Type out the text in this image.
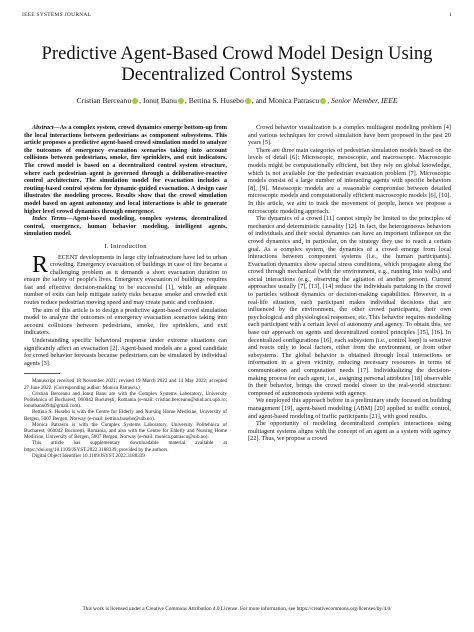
IEEE SYSTEMS JOURNAL	1
Predictive Agent-Based Crowd Model Design Using Decentralized Control Systems
Cristian Berceanu , Ionuț Banu , Bettina S. Husebo , and Monica Patrascu , Senior Member, IEEE

Abstract—As a complex system, crowd dynamics emerge bottom-up from the local interactions between pedestrians as component subsystems. This article proposes a predictive agent-based crowd simulation model to analyze the outcomes of emergency evacuation scenarios taking into account collisions between pedestrians, smoke, fire sprinklers, and exit indicators. The crowd model is based on a decentralized control system structure, where each pedestrian agent is governed through a deliberative-reactive control architecture. The simulation model for evacuation includes a routing-based control system for dynamic-guided evacuation. A design case illustrates the modeling process. Results show that the crowd simulation model based on agent autonomy and local interactions is able to generate higher level crowd dynamics through emergence.

Index Terms—Agent-based modeling, complex systems, decentralized control, emergence, human behavior modeling, intelligent agents, simulation model.

I. Introduction

R ECENT developments in large city infrastructure have led to urban crowding. Emergency evacuation of buildings in case of fire became a challenging problem as it demands a short evacuation duration to ensure the safety of people's lives. Emergency evacuation of buildings requires fast and effective decision-making to be successful [1], while an adequate number of exits can help mitigate safety risks because smoke and crowded exit routes reduce pedestrian moving speed and may create panic and confusion.

The aim of this article is to design a predictive agent-based crowd simulation model to analyze the outcomes of emergency evacuation scenarios taking into account collisions between pedestrians, smoke, fire sprinklers, and exit indicators.

Understanding specific behavioral response under extreme situations can significantly affect an evacuation [2]. Agent-based models are a good candidate for crowd behavior forecasts because pedestrians can be simulated by individual agents [3].

Manuscript received 18 November 2021; revised 19 March 2022 and 14 May 2022; accepted 27 June 2022. (Corresponding author: Monica Patrascu.)

Cristian Berceanu and Ionuț Banu are with the Complex Systems Laboratory, University Politehnica of Bucharest, 060042 București, Romania (e-mail: cristian.berceanu@stud.acs.upb.ro; ionutbanu094@gmail.com).

Bettina S. Husebo is with the Centre for Elderly and Nursing Home Medicine, University of Bergen, 5007 Bergen, Norway (e-mail: bettina.husebo@uib.no).

Monica Patrascu is with the Complex Systems Laboratory, University Politehnica of Bucharest, 060042 București, Romania, and also with the Centre for Elderly and Nursing Home Medicine, University of Bergen, 5007 Bergen, Norway (e-mail: monica.patrascu@uib.no).

This article has supplementary downloadable material available at https://doi.org/10.1109/JSYST.2022.3188339, provided by the authors.

Digital Object Identifier 10.1109/JSYST.2022.3188339

Crowd behavior visualization is a complex multiagent modeling problem [4] and various techniques for crowd simulation have been proposed in the past 20 years [5].

There are three main categories of pedestrian simulation models based on the levels of detail [6]: Microscopic, mesoscopic, and macroscopic. Macroscopic models might be computationally efficient, but they rely on global knowledge, which is not available for the pedestrian evacuation problem [7]. Microscopic models consist of a large number of interacting agents with specific behaviors [8], [9]. Mesoscopic models are a reasonable compromise between detailed microscopic models and computationally efficient macroscopic models [6], [10]. In this article, we aim to track the movement of people, hence we propose a microscopic modeling approach.

The dynamics of a crowd [11] cannot simply be limited to the principles of mechanics and deterministic causality [12]. In fact, the heterogeneous behaviors of individuals and their social dynamics can have an important influence on the crowd dynamics and, in particular, on the strategy they use to reach a certain goal. As a complex system, the dynamics of a crowd emerge from local interactions between component systems (i.e., the human participants). Evacuation dynamics show special stress conditions, which propagate along the crowd through mechanical (with the environment, e.g., running into walls) and social interactions (e.g., observing the agitation of another person). Current approaches usually [7], [13], [14] reduce the individuals partaking in the crowd to particles without dynamics or decision-making capabilities. However, in a real-life situation, each participant makes individual decisions that are influenced by the environment, the other crowd participants, their own psychological and physiological responses, etc. This behavior requires modeling each participant with a certain level of autonomy and agency. To obtain this, we base our approach on agents and decentralized control principles [15], [16]. In decentralized configurations [16], each subsystem (i.e., control loop) is sensitive and reacts only to local factors, either from the environment, or from other subsystems. The global behavior is obtained through local interactions or information in a given vicinity, reducing necessary resources in terms of communication and computation needs [17]. Individualizing the decision-making process for each agent, i.e., assigning personal attributes [18] observable in their behavior, brings the crowd model closer to the real-world structure: composed of autonomous systems with agency.

We employed this approach before in a preliminary study focused on building management [19], agent-based modeling (ABM) [20] applied to traffic control, and agent-based modeling of traffic participants [21], with good results.

The opportunity of modeling decentralized complex interactions using multiagent systems aligns with the concept of an agent as a system with agency [22]. Thus, we propose a crowd

This work is licensed under a Creative Commons Attribution 4.0 License. For more information, see https://creativecommons.org/licenses/by/4.0/
